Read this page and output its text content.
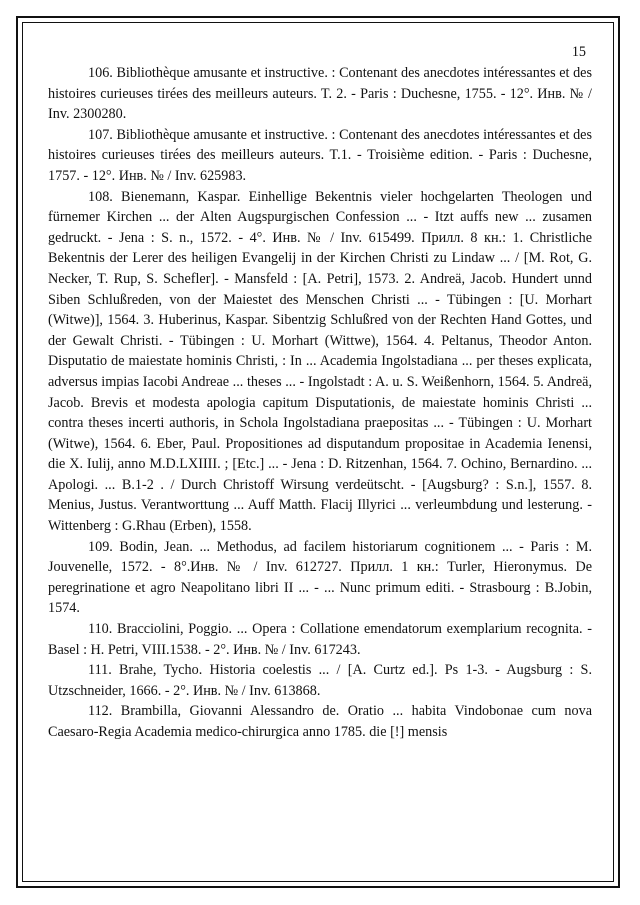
15

106. Bibliothèque amusante et instructive. : Contenant des anecdotes intéressantes et des histoires curieuses tirées des meilleurs auteurs. T. 2. - Paris : Duchesne, 1755. - 12°. Инв. № / Inv. 2300280.

107. Bibliothèque amusante et instructive. : Contenant des anecdotes intéressantes et des histoires curieuses tirées des meilleurs auteurs. T.1. - Troisième edition. - Paris : Duchesne, 1757. - 12°. Инв. № / Inv. 625983.

108. Bienemann, Kaspar. Einhellige Bekentnis vieler hochgelarten Theologen und fürnemer Kirchen ... der Alten Augspurgischen Confession ... - Itzt auffs new ... zusamen gedruckt. - Jena : S. n., 1572. - 4°. Инв. № / Inv. 615499. Прилл. 8 кн.: 1. Christliche Bekentnis der Lerer des heiligen Evangelij in der Kirchen Christi zu Lindaw ... / [M. Rot, G. Necker, T. Rup, S. Schefler]. - Mansfeld : [A. Petri], 1573. 2. Andreä, Jacob. Hundert unnd Siben Schlußreden, von der Maiestet des Menschen Christi ... - Tübingen : [U. Morhart (Witwe)], 1564. 3. Huberinus, Kaspar. Sibentzig Schlußred von der Rechten Hand Gottes, und der Gewalt Christi. - Tübingen : U. Morhart (Wittwe), 1564. 4. Peltanus, Theodor Anton. Disputatio de maiestate hominis Christi, : In ... Academia Ingolstadiana ... per theses explicata, adversus impias Iacobi Andreae ... theses ... - Ingolstadt : A. u. S. Weißenhorn, 1564. 5. Andreä, Jacob. Brevis et modesta apologia capitum Disputationis, de maiestate hominis Christi ... contra theses incerti authoris, in Schola Ingolstadiana praepositas ... - Tübingen : U. Morhart (Witwe), 1564. 6. Eber, Paul. Propositiones ad disputandum propositae in Academia Ienensi, die X. Iulij, anno M.D.LXIIII. ; [Etc.] ... - Jena : D. Ritzenhan, 1564. 7. Ochino, Bernardino. ... Apologi. ... B.1-2 . / Durch Christoff Wirsung verdeütscht. - [Augsburg? : S.n.], 1557. 8. Menius, Justus. Verantworttung ... Auff Matth. Flacij Illyrici ... verleumbdung und lesterung. - Wittenberg : G.Rhau (Erben), 1558.

109. Bodin, Jean. ... Methodus, ad facilem historiarum cognitionem ... - Paris : M. Jouvenelle, 1572. - 8°.Инв. № / Inv. 612727. Прилл. 1 кн.: Turler, Hieronymus. De peregrinatione et agro Neapolitano libri II ... - ... Nunc primum editi. - Strasbourg : B.Jobin, 1574.

110. Bracciolini, Poggio. ... Opera : Collatione emendatorum exemplarium recognita. - Basel : H. Petri, VIII.1538. - 2°. Инв. № / Inv. 617243.

111. Brahe, Tycho. Historia coelestis ... / [A. Curtz ed.]. Ps 1-3. - Augsburg : S. Utzschneider, 1666. - 2°. Инв. № / Inv. 613868.

112. Brambilla, Giovanni Alessandro de. Oratio ... habita Vindobonae cum nova Caesaro-Regia Academia medico-chirurgica anno 1785. die [!] mensis
